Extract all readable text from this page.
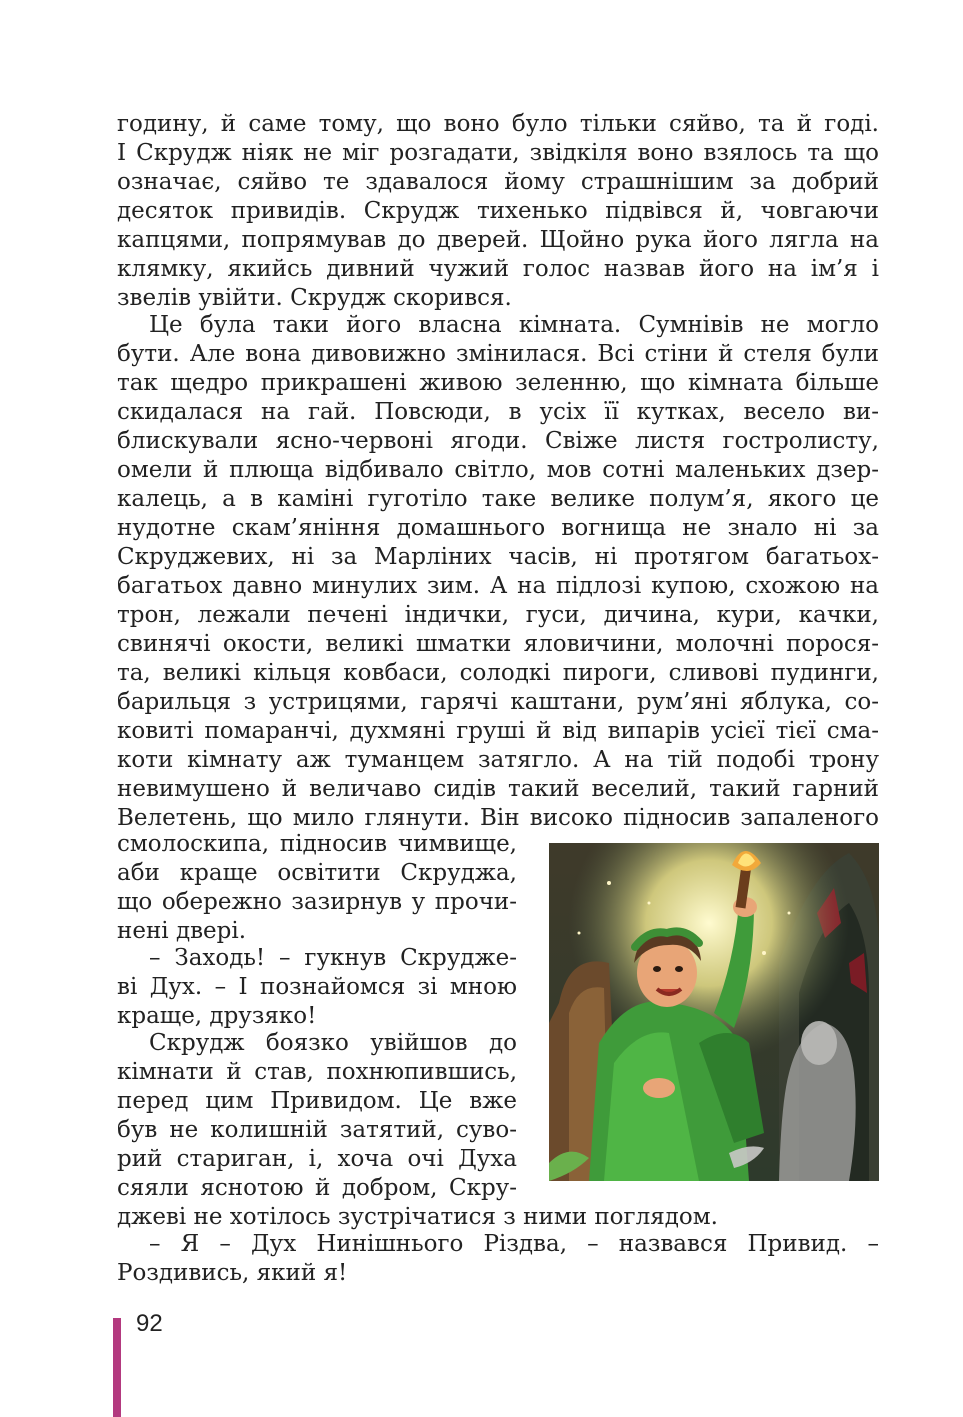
годину, й саме тому, що воно було тільки сяйво, та й годі.
І Скрудж ніяк не міг розгадати, звідкіля воно взялось та що
означає, сяйво те здавалося йому страшнішим за добрий
десяток привидів. Скрудж тихенько підвівся й, човгаючи
капцями, попрямував до дверей. Щойно рука його лягла на
клямку, якийсь дивний чужий голос назвав його на ім’я і
звелів увійти. Скрудж скорився.
Це була таки його власна кімната. Сумнівів не могло
бути. Але вона дивовижно змінилася. Всі стіни й стеля були
так щедро прикрашені живою зеленню, що кімната більше
скидалася на гай. Повсюди, в усіх її кутках, весело ви-
блискували ясно-червоні ягоди. Свіже листя гостролисту,
омели й плюща відбивало світло, мов сотні маленьких дзер-
калець, а в каміні гуготіло таке велике полум’я, якого це
нудотне скам’яніння домашнього вогнища не знало ні за
Скруджевих, ні за Марліних часів, ні протягом багатьох-
багатьох давно минулих зим. А на підлозі купою, схожою на
трон, лежали печені індички, гуси, дичина, кури, качки,
свинячі окости, великі шматки яловичини, молочні порося-
та, великі кільця ковбаси, солодкі пироги, сливові пудинги,
барильця з устрицями, гарячі каштани, рум’яні яблука, со-
ковиті помаранчі, духмяні груші й від випарів усієї тієї сма-
коти кімнату аж туманцем затягло. А на тій подобі трону
невимушено й величаво сидів такий веселий, такий гарний
Велетень, що мило глянути. Він високо підносив запаленого
смолоскипа, підносив чимвище,
аби краще освітити Скруджа,
що обережно зазирнув у прочи-
нені двері.
– Заходь! – гукнув Скрудже-
ві Дух. – І познайомся зі мною
краще, друзяко!
Скрудж боязко увійшов до
кімнати й став, похнюпившись,
перед цим Привидом. Це вже
був не колишній затятий, суво-
рий стариган, і, хоча очі Духа
сяяли яснотою й добром, Скру-
джеві не хотілось зустрічатися з ними поглядом.
– Я – Дух Нинішнього Різдва, – назвався Привид. –
Роздивись, який я!
92
